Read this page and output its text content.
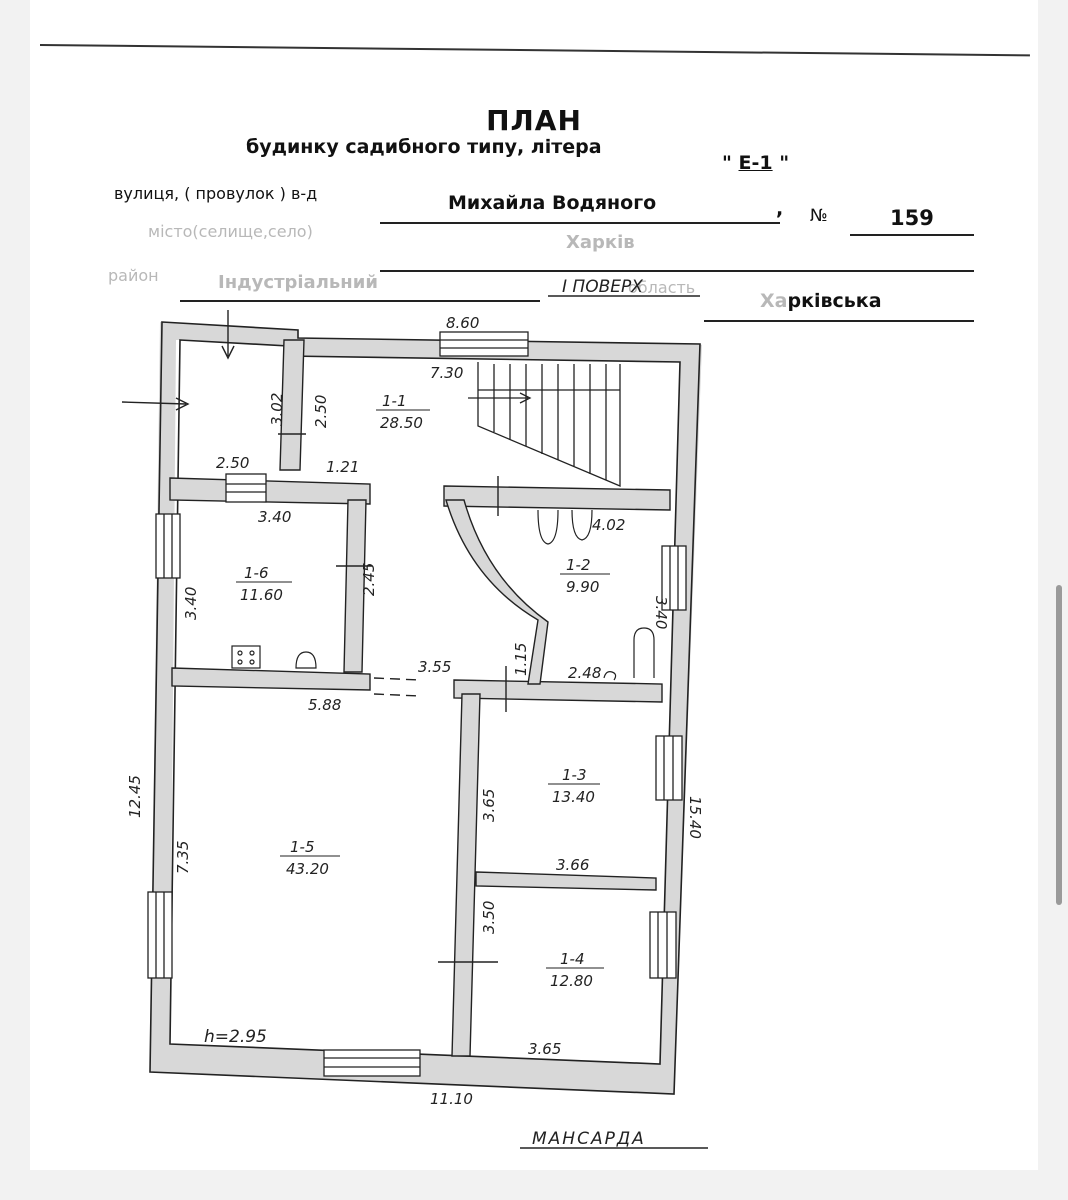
ПЛАН
будинку садибного типу, літера
" Е-1 "
вулиця, ( провулок ) в-д	Михайла Водяного	, №	159
місто(селище,село)
Харків
район	Індустріальний	область
Харківська
І ПОВЕРХ
1-1
28.50
1-2
9.90
1-3
13.40
1-4
12.80
1-5
43.20
1-6
11.60
8.60
7.30
3.02 2.50
2.50	1.21
3.40
3.40
2.45
4.02
3.40
2.48
3.55	1.15
5.88
7.35
12.45	15.40
3.65
3.66
3.50
3.65
11.10
h=2.95
МАНСАРДА
